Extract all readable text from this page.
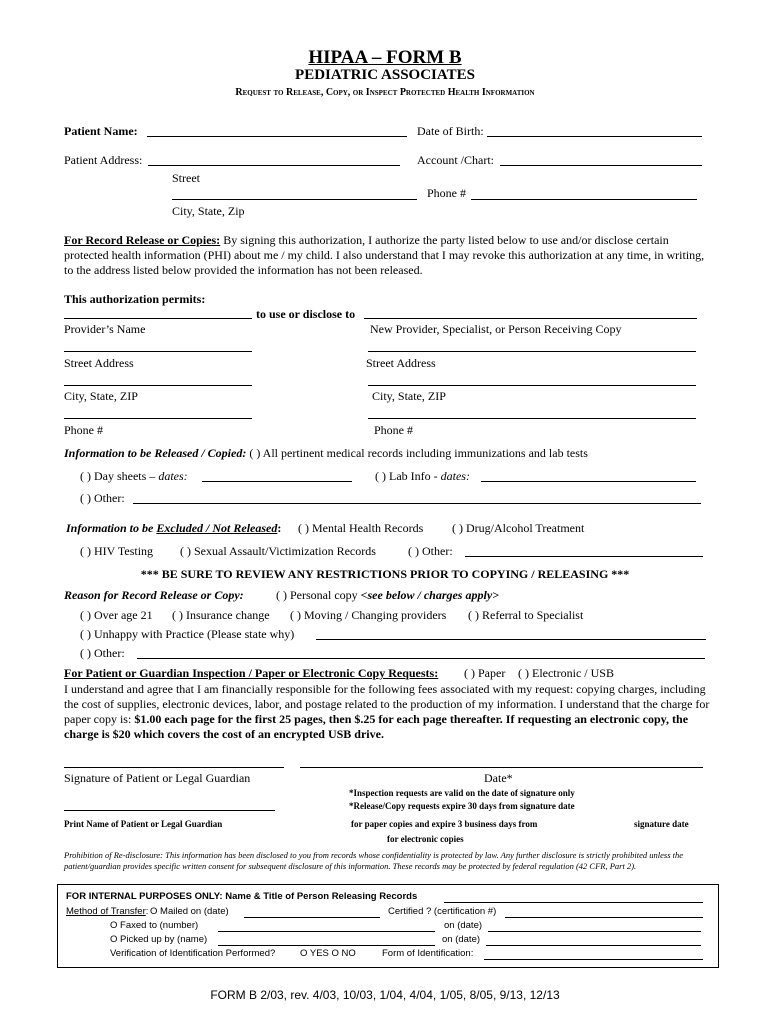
HIPAA – FORM B
PEDIATRIC ASSOCIATES
Request to Release, Copy, or Inspect Protected Health Information
Patient Name:	Date of Birth:
Patient Address:	Account /Chart:
Street
Phone #
City, State, Zip
For Record Release or Copies: By signing this authorization, I authorize the party listed below to use and/or disclose certain protected health information (PHI) about me / my child. I also understand that I may revoke this authorization at any time, in writing, to the address listed below provided the information has not been released.
This authorization permits:
to use or disclose to
Provider’s Name	New Provider, Specialist, or Person Receiving Copy
Street Address	Street Address
City, State, ZIP	City, State, ZIP
Phone #	Phone #
Information to be Released / Copied: ( ) All pertinent medical records including immunizations and lab tests
( ) Day sheets – dates:	( ) Lab Info - dates:
( ) Other:
Information to be Excluded / Not Released: ( ) Mental Health Records ( ) Drug/Alcohol Treatment
( ) HIV Testing ( ) Sexual Assault/Victimization Records	( ) Other:
*** BE SURE TO REVIEW ANY RESTRICTIONS PRIOR TO COPYING / RELEASING ***
Reason for Record Release or Copy:	( ) Personal copy <see below / charges apply>
( ) Over age 21 ( ) Insurance change ( ) Moving / Changing providers ( ) Referral to Specialist
( ) Unhappy with Practice (Please state why)
( ) Other:
For Patient or Guardian Inspection / Paper or Electronic Copy Requests: ( ) Paper ( ) Electronic / USB
I understand and agree that I am financially responsible for the following fees associated with my request: copying charges, including the cost of supplies, electronic devices, labor, and postage related to the production of my information. I understand that the charge for paper copy is: $1.00 each page for the first 25 pages, then $.25 for each page thereafter. If requesting an electronic copy, the charge is $20 which covers the cost of an encrypted USB drive.
Signature of Patient or Legal Guardian	Date*
*Inspection requests are valid on the date of signature only
*Release/Copy requests expire 30 days from signature date
Print Name of Patient or Legal Guardian	for paper copies and expire 3 business days from	signature date
for electronic copies
Prohibition of Re-disclosure: This information has been disclosed to you from records whose confidentiality is protected by law. Any further disclosure is strictly prohibited unless the patient/guardian provides specific written consent for subsequent disclosure of this information. These records may be protected by federal regulation (42 CFR, Part 2).
FOR INTERNAL PURPOSES ONLY: Name & Title of Person Releasing Records
Method of Transfer: O Mailed on (date)	Certified ? (certification #)
O Faxed to (number)	on (date)
O Picked up by (name)	on (date)
Verification of Identification Performed?	O YES O NO	Form of Identification:
FORM B 2/03, rev. 4/03, 10/03, 1/04, 4/04, 1/05, 8/05, 9/13, 12/13
